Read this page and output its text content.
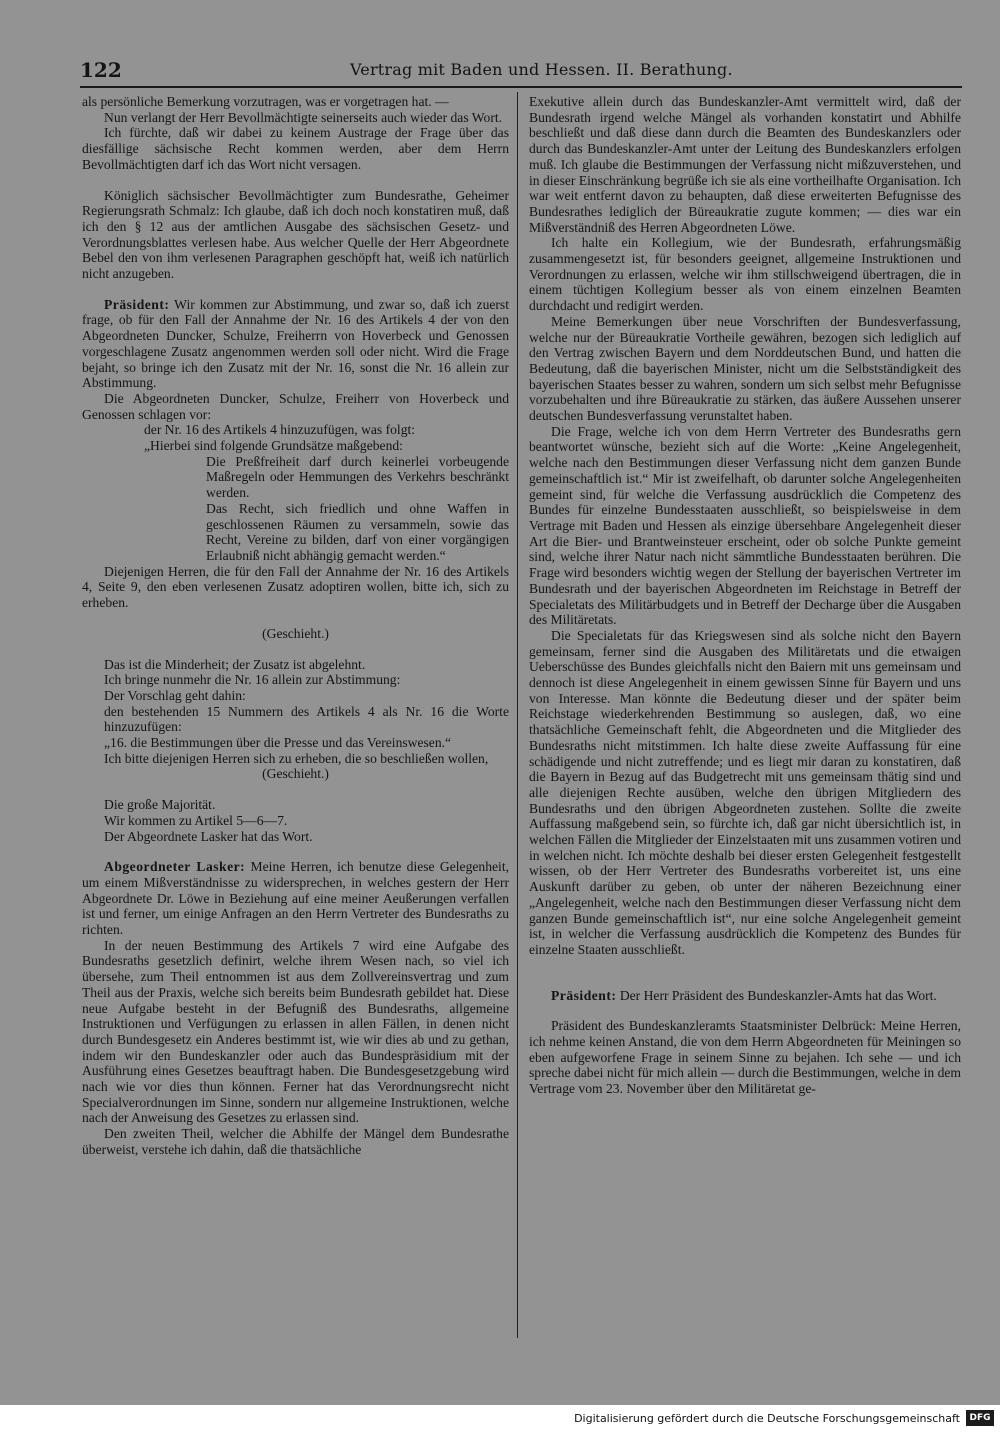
122	Vertrag mit Baden und Hessen. II. Berathung.

als persönliche Bemerkung vorzutragen, was er vorgetragen hat. —

Nun verlangt der Herr Bevollmächtigte seinerseits auch wieder das Wort.

Ich fürchte, daß wir dabei zu keinem Austrage der Frage über das diesfällige sächsische Recht kommen werden, aber dem Herrn Bevollmächtigten darf ich das Wort nicht versagen.

Königlich sächsischer Bevollmächtigter zum Bundesrathe, Geheimer Regierungsrath Schmalz: Ich glaube, daß ich doch noch konstatiren muß, daß ich den § 12 aus der amtlichen Ausgabe des sächsischen Gesetz- und Verordnungsblattes verlesen habe. Aus welcher Quelle der Herr Abgeordnete Bebel den von ihm verlesenen Paragraphen geschöpft hat, weiß ich natürlich nicht anzugeben.

Präsident: Wir kommen zur Abstimmung, und zwar so, daß ich zuerst frage, ob für den Fall der Annahme der Nr. 16 des Artikels 4 der von den Abgeordneten Duncker, Schulze, Freiherrn von Hoverbeck und Genossen vorgeschlagene Zusatz angenommen werden soll oder nicht. Wird die Frage bejaht, so bringe ich den Zusatz mit der Nr. 16, sonst die Nr. 16 allein zur Abstimmung.

Die Abgeordneten Duncker, Schulze, Freiherr von Hoverbeck und Genossen schlagen vor:

der Nr. 16 des Artikels 4 hinzuzufügen, was folgt:

„Hierbei sind folgende Grundsätze maßgebend:

Die Preßfreiheit darf durch keinerlei vorbeugende Maßregeln oder Hemmungen des Verkehrs beschränkt werden.

Das Recht, sich friedlich und ohne Waffen in geschlossenen Räumen zu versammeln, sowie das Recht, Vereine zu bilden, darf von einer vorgängigen Erlaubniß nicht abhängig gemacht werden.“

Diejenigen Herren, die für den Fall der Annahme der Nr. 16 des Artikels 4, Seite 9, den eben verlesenen Zusatz adoptiren wollen, bitte ich, sich zu erheben.

(Geschieht.)

Das ist die Minderheit; der Zusatz ist abgelehnt.

Ich bringe nunmehr die Nr. 16 allein zur Abstimmung:

Der Vorschlag geht dahin:

den bestehenden 15 Nummern des Artikels 4 als Nr. 16 die Worte hinzuzufügen:

„16. die Bestimmungen über die Presse und das Vereinswesen.“

Ich bitte diejenigen Herren sich zu erheben, die so beschließen wollen,

(Geschieht.)

Die große Majorität.

Wir kommen zu Artikel 5—6—7.

Der Abgeordnete Lasker hat das Wort.

Abgeordneter Lasker: Meine Herren, ich benutze diese Gelegenheit, um einem Mißverständnisse zu widersprechen, in welches gestern der Herr Abgeordnete Dr. Löwe in Beziehung auf eine meiner Aeußerungen verfallen ist und ferner, um einige Anfragen an den Herrn Vertreter des Bundesraths zu richten.

In der neuen Bestimmung des Artikels 7 wird eine Aufgabe des Bundesraths gesetzlich definirt, welche ihrem Wesen nach, so viel ich übersehe, zum Theil entnommen ist aus dem Zollvereinsvertrag und zum Theil aus der Praxis, welche sich bereits beim Bundesrath gebildet hat. Diese neue Aufgabe besteht in der Befugniß des Bundesraths, allgemeine Instruktionen und Verfügungen zu erlassen in allen Fällen, in denen nicht durch Bundesgesetz ein Anderes bestimmt ist, wie wir dies ab und zu gethan, indem wir den Bundeskanzler oder auch das Bundespräsidium mit der Ausführung eines Gesetzes beauftragt haben. Die Bundesgesetzgebung wird nach wie vor dies thun können. Ferner hat das Verordnungsrecht nicht Specialverordnungen im Sinne, sondern nur allgemeine Instruktionen, welche nach der Anweisung des Gesetzes zu erlassen sind.

Den zweiten Theil, welcher die Abhilfe der Mängel dem Bundesrathe überweist, verstehe ich dahin, daß die thatsächliche

Exekutive allein durch das Bundeskanzler-Amt vermittelt wird, daß der Bundesrath irgend welche Mängel als vorhanden konstatirt und Abhilfe beschließt und daß diese dann durch die Beamten des Bundeskanzlers oder durch das Bundeskanzler-Amt unter der Leitung des Bundeskanzlers erfolgen muß. Ich glaube die Bestimmungen der Verfassung nicht mißzuverstehen, und in dieser Einschränkung begrüße ich sie als eine vortheilhafte Organisation. Ich war weit entfernt davon zu behaupten, daß diese erweiterten Befugnisse des Bundesrathes lediglich der Büreaukratie zugute kommen; — dies war ein Mißverständniß des Herren Abgeordneten Löwe.

Ich halte ein Kollegium, wie der Bundesrath, erfahrungsmäßig zusammengesetzt ist, für besonders geeignet, allgemeine Instruktionen und Verordnungen zu erlassen, welche wir ihm stillschweigend übertragen, die in einem tüchtigen Kollegium besser als von einem einzelnen Beamten durchdacht und redigirt werden.

Meine Bemerkungen über neue Vorschriften der Bundesverfassung, welche nur der Büreaukratie Vortheile gewähren, bezogen sich lediglich auf den Vertrag zwischen Bayern und dem Norddeutschen Bund, und hatten die Bedeutung, daß die bayerischen Minister, nicht um die Selbstständigkeit des bayerischen Staates besser zu wahren, sondern um sich selbst mehr Befugnisse vorzubehalten und ihre Büreaukratie zu stärken, das äußere Aussehen unserer deutschen Bundesverfassung verunstaltet haben.

Die Frage, welche ich von dem Herrn Vertreter des Bundesraths gern beantwortet wünsche, bezieht sich auf die Worte: „Keine Angelegenheit, welche nach den Bestimmungen dieser Verfassung nicht dem ganzen Bunde gemeinschaftlich ist.“ Mir ist zweifelhaft, ob darunter solche Angelegenheiten gemeint sind, für welche die Verfassung ausdrücklich die Competenz des Bundes für einzelne Bundesstaaten ausschließt, so beispielsweise in dem Vertrage mit Baden und Hessen als einzige übersehbare Angelegenheit dieser Art die Bier- und Brantweinsteuer erscheint, oder ob solche Punkte gemeint sind, welche ihrer Natur nach nicht sämmtliche Bundesstaaten berühren. Die Frage wird besonders wichtig wegen der Stellung der bayerischen Vertreter im Bundesrath und der bayerischen Abgeordneten im Reichstage in Betreff der Specialetats des Militärbudgets und in Betreff der Decharge über die Ausgaben des Militäretats.

Die Specialetats für das Kriegswesen sind als solche nicht den Bayern gemeinsam, ferner sind die Ausgaben des Militäretats und die etwaigen Ueberschüsse des Bundes gleichfalls nicht den Baiern mit uns gemeinsam und dennoch ist diese Angelegenheit in einem gewissen Sinne für Bayern und uns von Interesse. Man könnte die Bedeutung dieser und der später beim Reichstage wiederkehrenden Bestimmung so auslegen, daß, wo eine thatsächliche Gemeinschaft fehlt, die Abgeordneten und die Mitglieder des Bundesraths nicht mitstimmen. Ich halte diese zweite Auffassung für eine schädigende und nicht zutreffende; und es liegt mir daran zu konstatiren, daß die Bayern in Bezug auf das Budgetrecht mit uns gemeinsam thätig sind und alle diejenigen Rechte ausüben, welche den übrigen Mitgliedern des Bundesraths und den übrigen Abgeordneten zustehen. Sollte die zweite Auffassung maßgebend sein, so fürchte ich, daß gar nicht übersichtlich ist, in welchen Fällen die Mitglieder der Einzelstaaten mit uns zusammen votiren und in welchen nicht. Ich möchte deshalb bei dieser ersten Gelegenheit festgestellt wissen, ob der Herr Vertreter des Bundesraths vorbereitet ist, uns eine Auskunft darüber zu geben, ob unter der näheren Bezeichnung einer „Angelegenheit, welche nach den Bestimmungen dieser Verfassung nicht dem ganzen Bunde gemeinschaftlich ist“, nur eine solche Angelegenheit gemeint ist, in welcher die Verfassung ausdrücklich die Kompetenz des Bundes für einzelne Staaten ausschließt.

Präsident: Der Herr Präsident des Bundeskanzler-Amts hat das Wort.

Präsident des Bundeskanzleramts Staatsminister Delbrück: Meine Herren, ich nehme keinen Anstand, die von dem Herrn Abgeordneten für Meiningen so eben aufgeworfene Frage in seinem Sinne zu bejahen. Ich sehe — und ich spreche dabei nicht für mich allein — durch die Bestimmungen, welche in dem Vertrage vom 23. November über den Militäretat ge-

Digitalisierung gefördert durch die Deutsche Forschungsgemeinschaft	DFG
